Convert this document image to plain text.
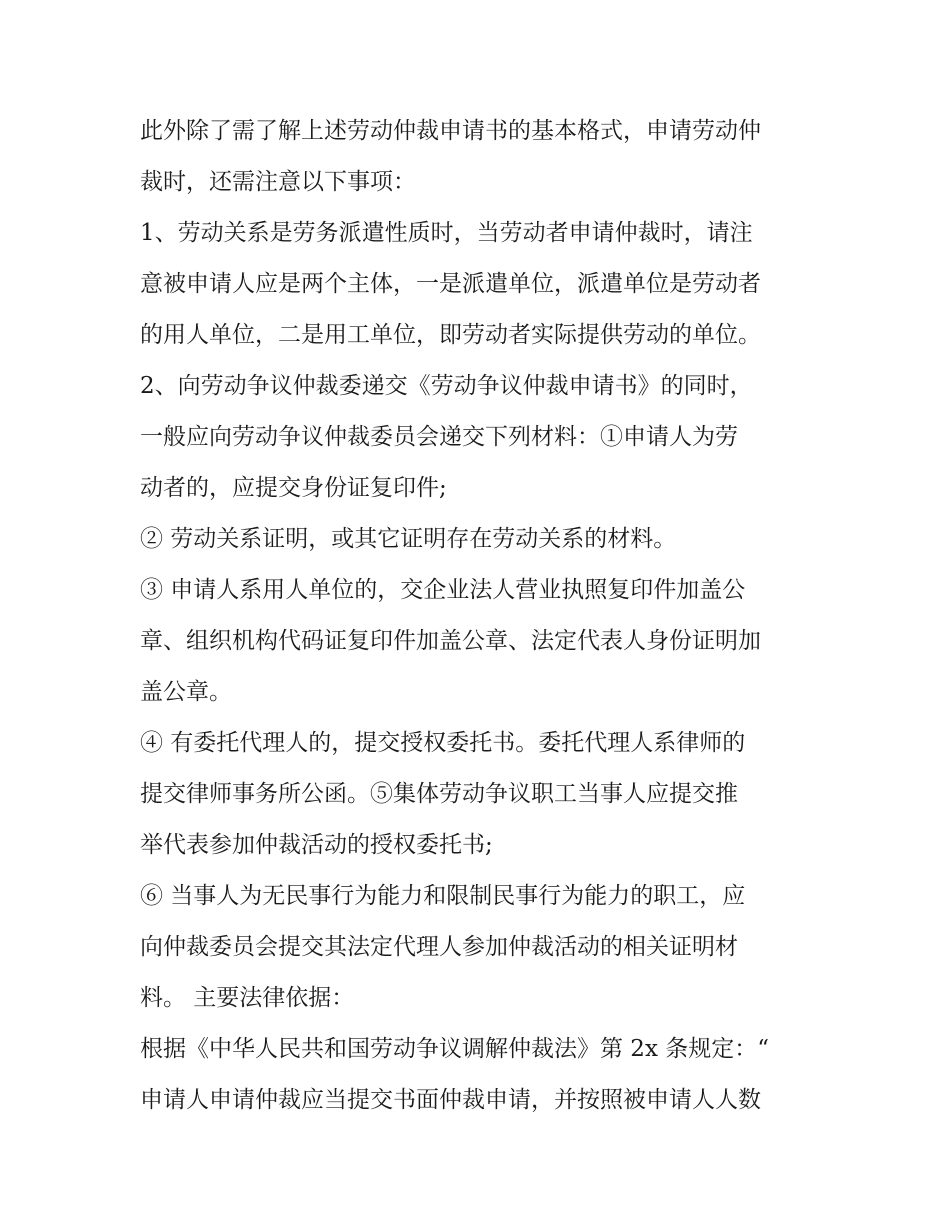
此外除了需了解上述劳动仲裁申请书的基本格式，申请劳动仲
裁时，还需注意以下事项：
1、劳动关系是劳务派遣性质时，当劳动者申请仲裁时，请注
意被申请人应是两个主体，一是派遣单位，派遣单位是劳动者
的用人单位，二是用工单位，即劳动者实际提供劳动的单位。
2、向劳动争议仲裁委递交《劳动争议仲裁申请书》的同时，
一般应向劳动争议仲裁委员会递交下列材料：①申请人为劳
动者的，应提交身份证复印件;
② 劳动关系证明，或其它证明存在劳动关系的材料。
③ 申请人系用人单位的，交企业法人营业执照复印件加盖公
章、组织机构代码证复印件加盖公章、法定代表人身份证明加
盖公章。
④ 有委托代理人的，提交授权委托书。委托代理人系律师的
提交律师事务所公函。⑤集体劳动争议职工当事人应提交推
举代表参加仲裁活动的授权委托书;
⑥ 当事人为无民事行为能力和限制民事行为能力的职工，应
向仲裁委员会提交其法定代理人参加仲裁活动的相关证明材
料。 主要法律依据：
根据《中华人民共和国劳动争议调解仲裁法》第 2x 条规定：“
申请人申请仲裁应当提交书面仲裁申请，并按照被申请人人数
